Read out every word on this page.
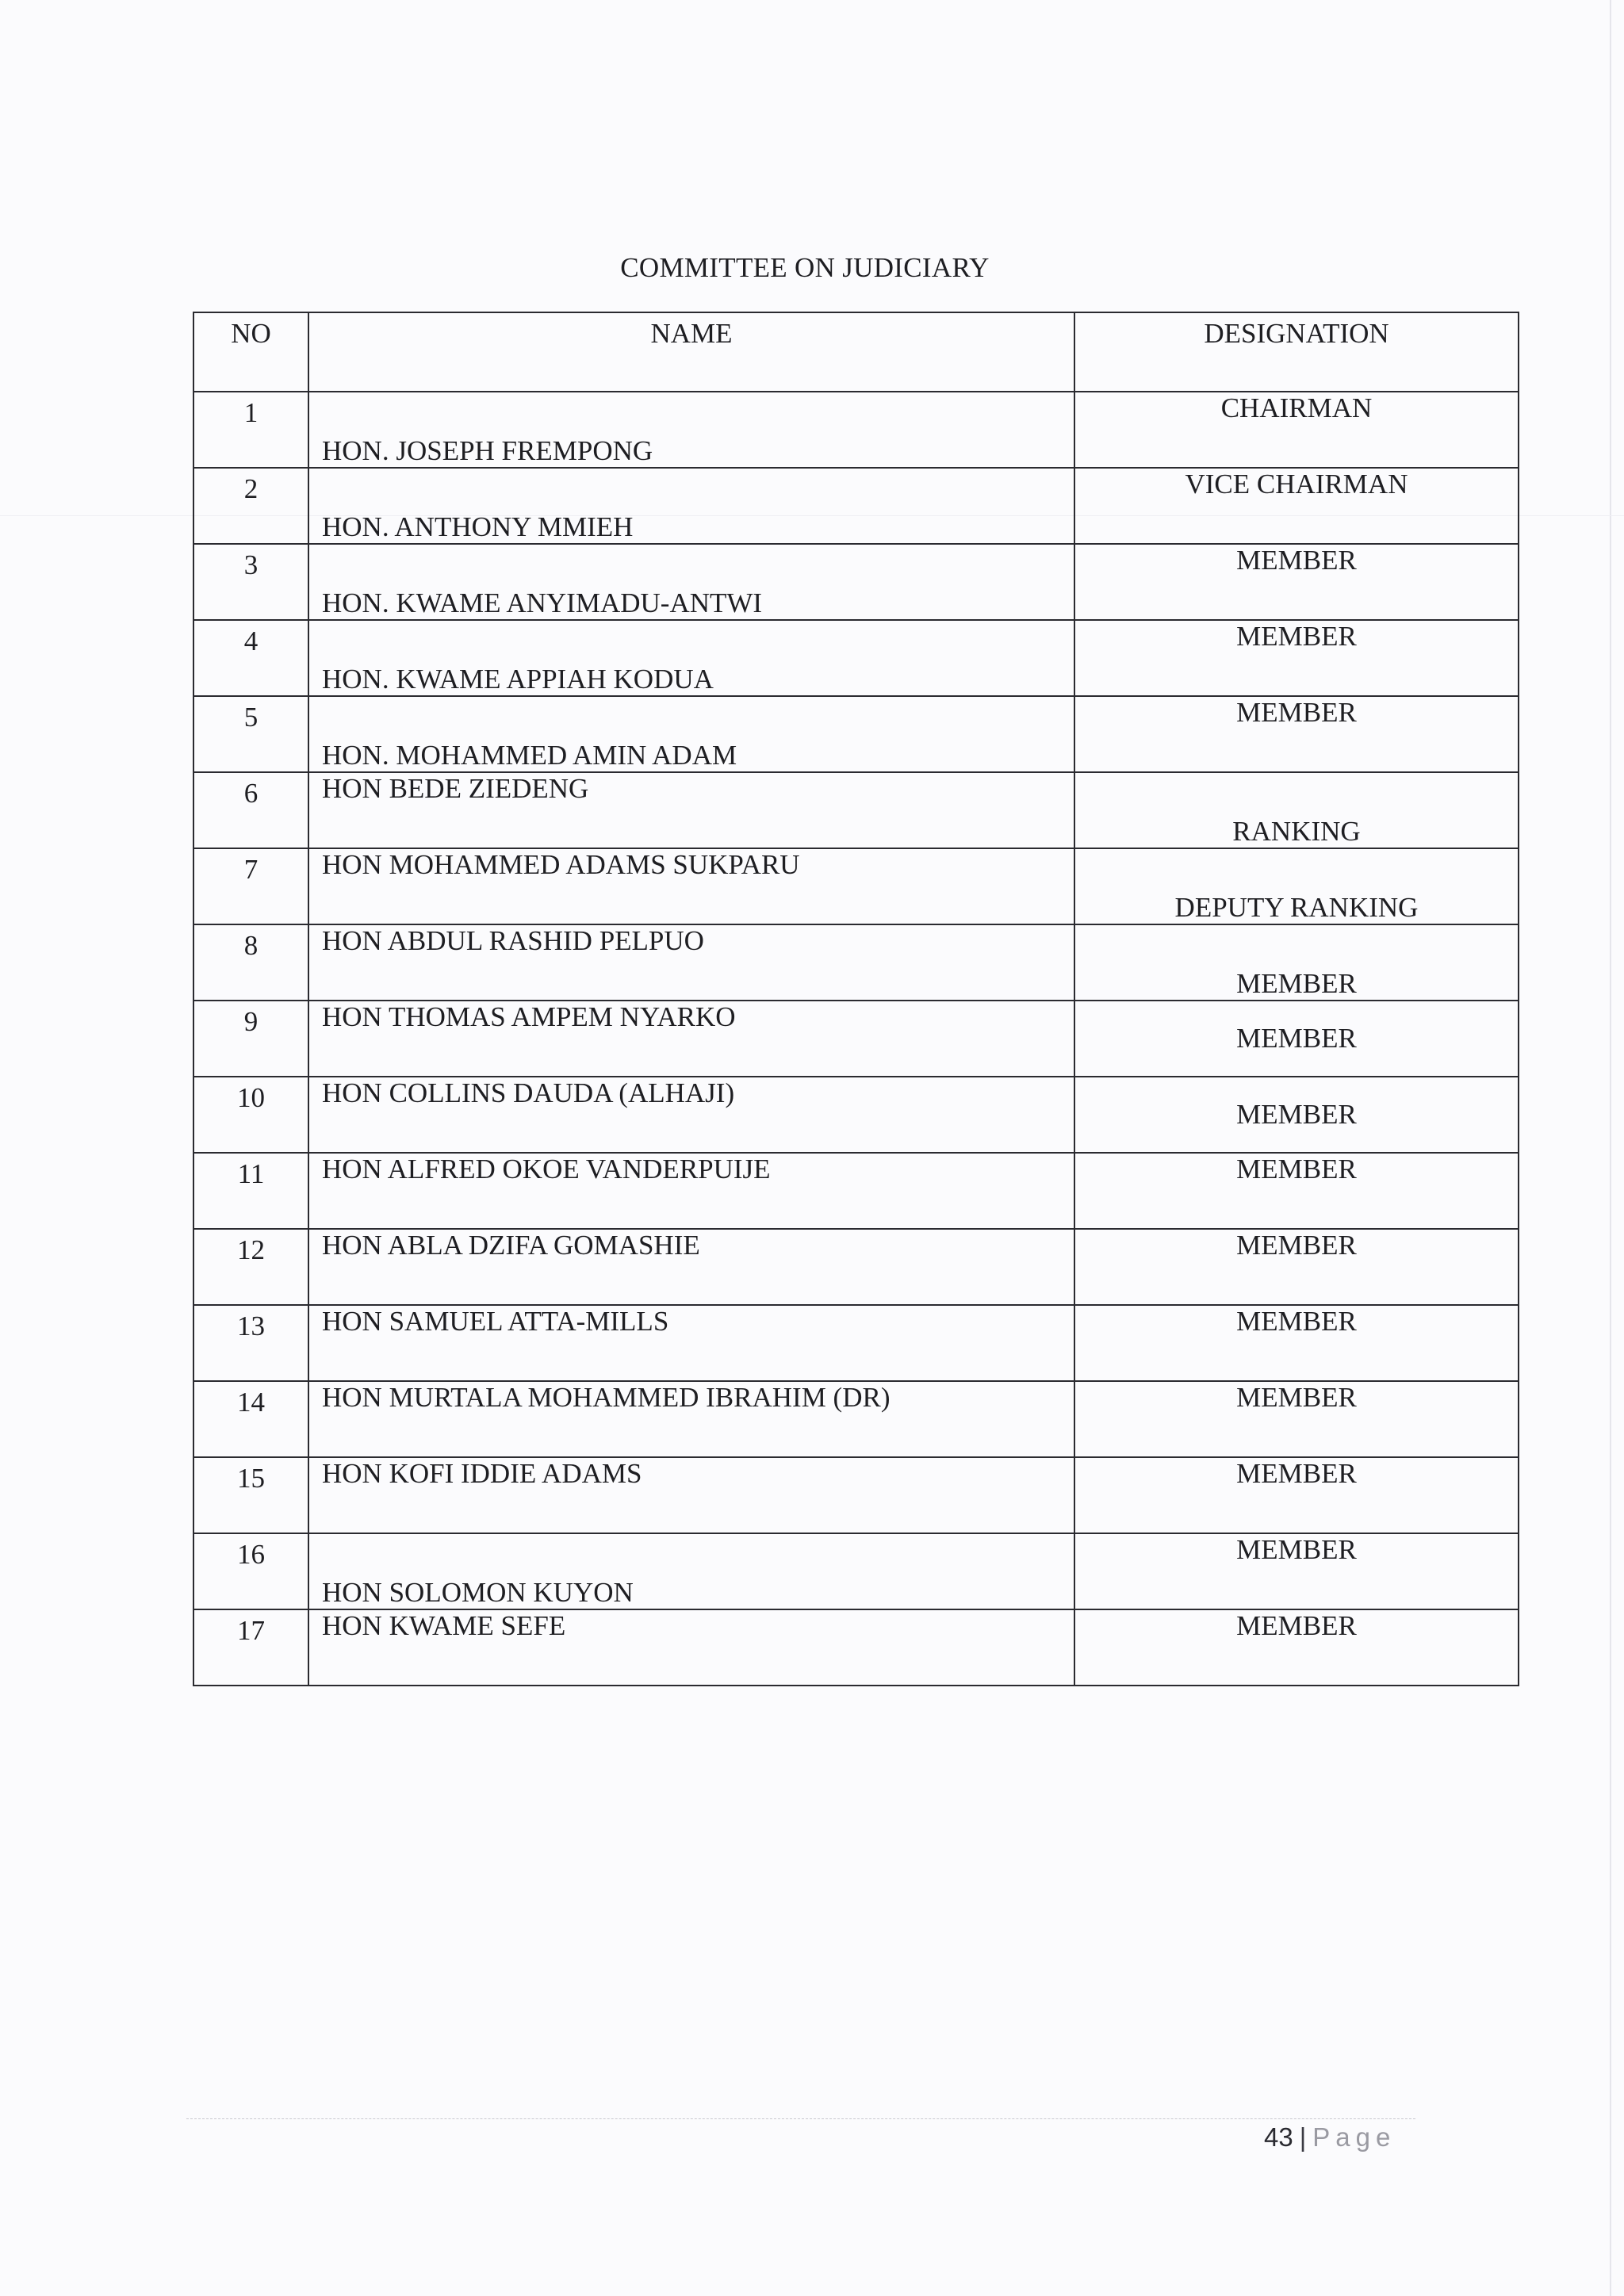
COMMITTEE ON JUDICIARY
NO	NAME	DESIGNATION
1	HON. JOSEPH FREMPONG	CHAIRMAN
2	HON. ANTHONY MMIEH	VICE CHAIRMAN
3	HON. KWAME ANYIMADU-ANTWI	MEMBER
4	HON. KWAME APPIAH KODUA	MEMBER
5	HON. MOHAMMED AMIN ADAM	MEMBER
6	HON BEDE ZIEDENG	RANKING
7	HON MOHAMMED ADAMS SUKPARU	DEPUTY RANKING
8	HON ABDUL RASHID PELPUO	MEMBER
9	HON THOMAS AMPEM NYARKO	MEMBER
10	HON COLLINS DAUDA (ALHAJI)	MEMBER
11	HON ALFRED OKOE VANDERPUIJE	MEMBER
12	HON ABLA DZIFA GOMASHIE	MEMBER
13	HON SAMUEL ATTA-MILLS	MEMBER
14	HON MURTALA MOHAMMED IBRAHIM (DR)	MEMBER
15	HON KOFI IDDIE ADAMS	MEMBER
16	HON SOLOMON KUYON	MEMBER
17	HON KWAME SEFE	MEMBER
43 | Page
